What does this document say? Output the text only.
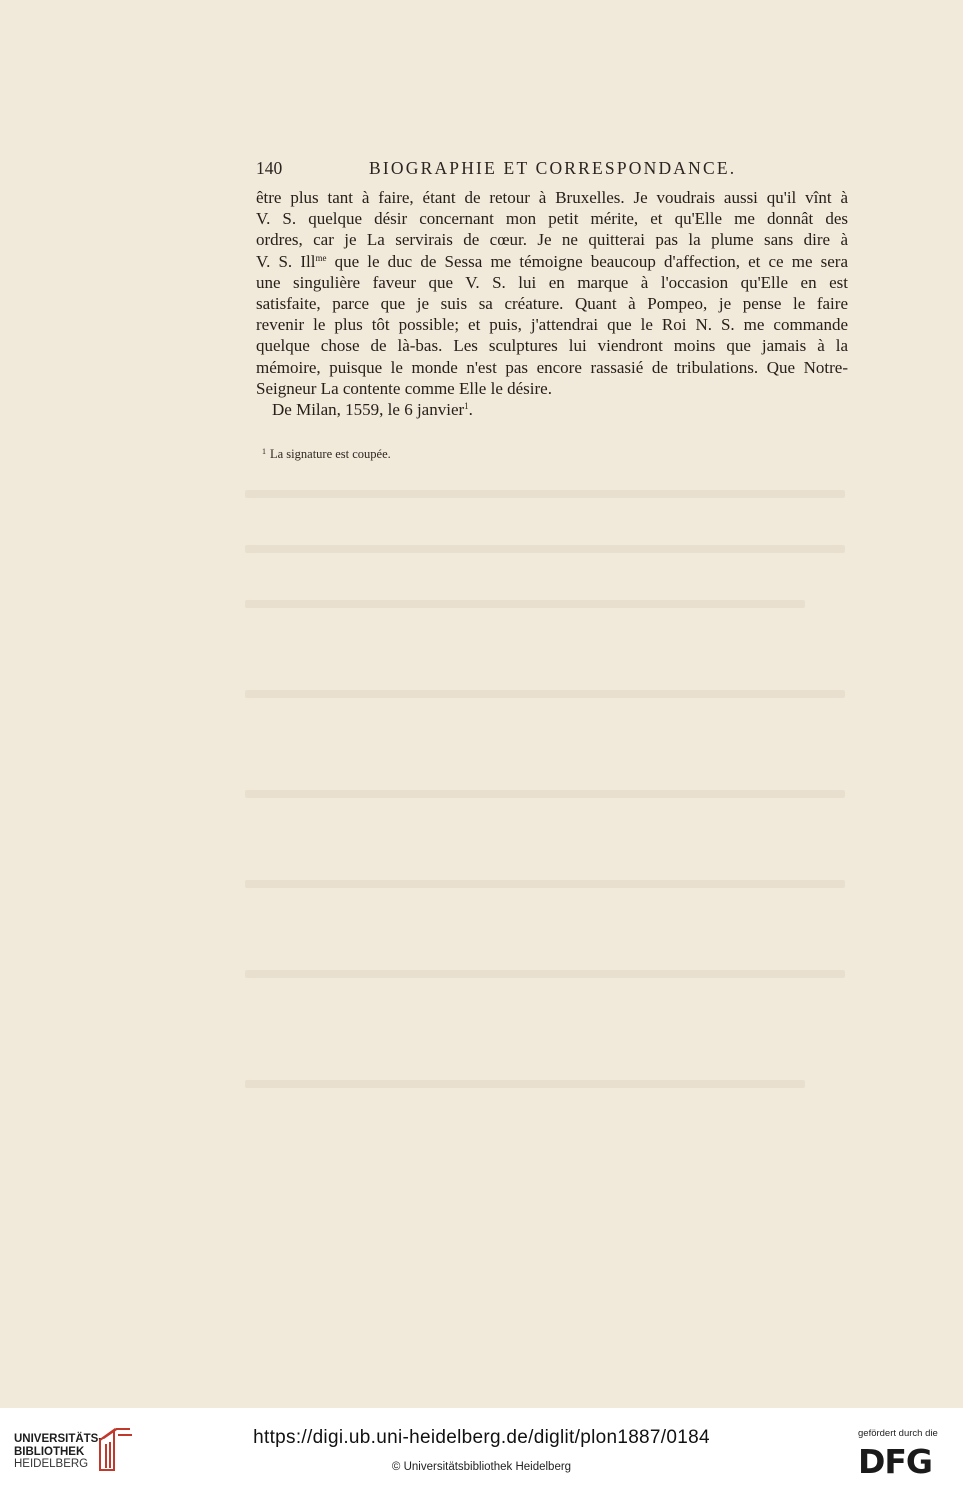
140	BIOGRAPHIE ET CORRESPONDANCE.
être plus tant à faire, étant de retour à Bruxelles. Je voudrais aussi qu'il vînt à
V. S. quelque désir concernant mon petit mérite, et qu'Elle me donnât des
ordres, car je La servirais de cœur. Je ne quitterai pas la plume sans dire à
V. S. Ill$^{me}$ que le duc de Sessa me témoigne beaucoup d'affection, et ce me sera
une singulière faveur que V. S. lui en marque à l'occasion qu'Elle en est
satisfaite, parce que je suis sa créature. Quant à Pompeo, je pense le faire
revenir le plus tôt possible; et puis, j'attendrai que le Roi N. S. me commande
quelque chose de là-bas. Les sculptures lui viendront moins que jamais à la
mémoire, puisque le monde n'est pas encore rassasié de tribulations. Que Notre-
Seigneur La contente comme Elle le désire.
De Milan, 1559, le 6 janvier$^1$.
$^1$ La signature est coupée.
UNIVERSITÄTS-
BIBLIOTHEK
HEIDELBERG
https://digi.ub.uni-heidelberg.de/diglit/plon1887/0184
© Universitätsbibliothek Heidelberg
gefördert durch die
DFG
